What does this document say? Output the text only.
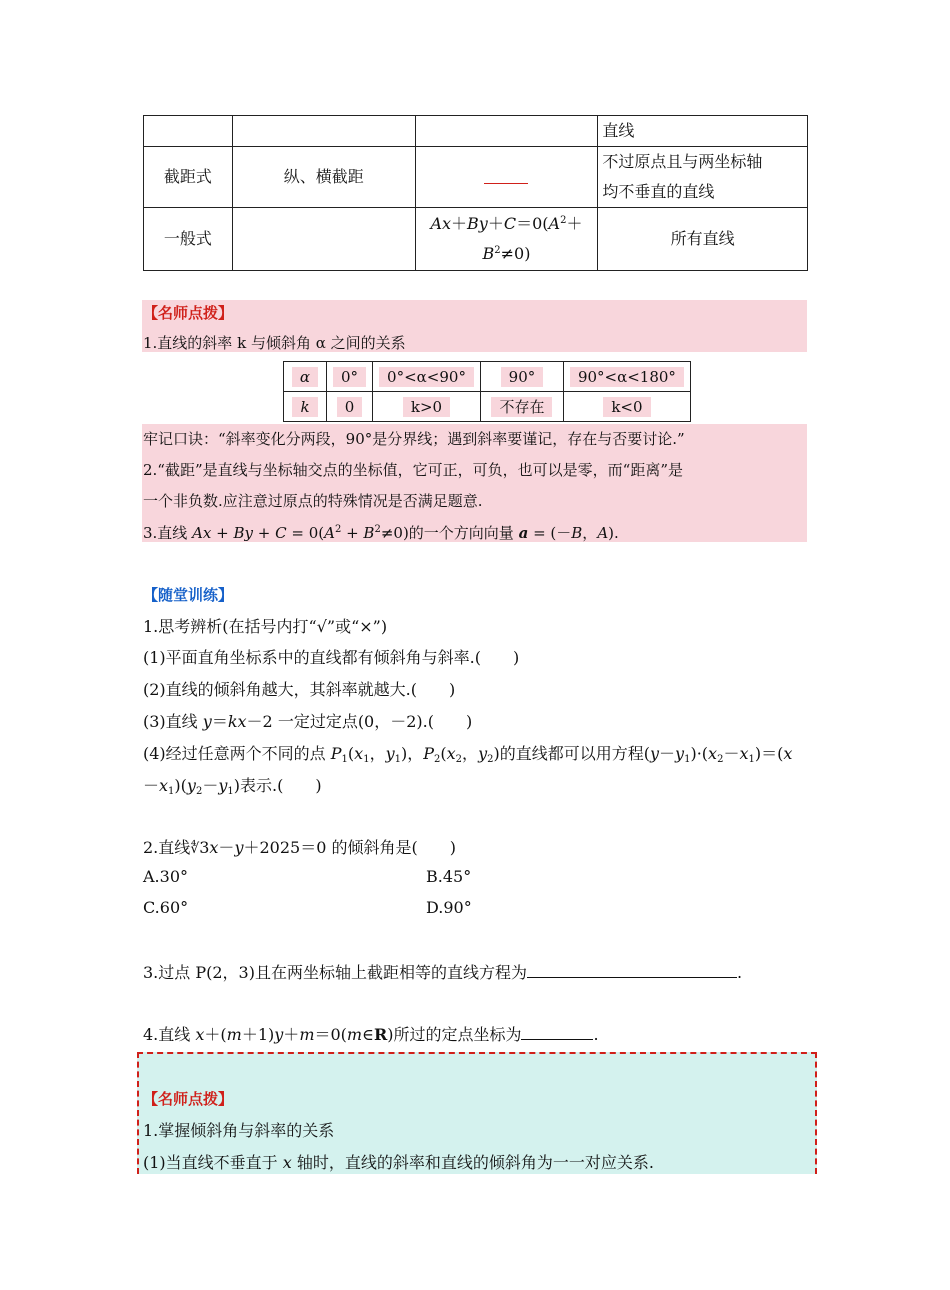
			直线
截距式	纵、横截距		不过原点且与两坐标轴
均不垂直的直线

一般式		$Ax+By+C=0(A^2+$
$B^2\ne 0$)	所有直线
【名师点拨】
1.直线的斜率 k 与倾斜角 α 之间的关系
α	0°	0°<α<90°	90°	90°<α<180°
k	0	k>0	不存在	k<0
牢记口诀：“斜率变化分两段，90°是分界线；遇到斜率要谨记，存在与否要讨论.”
2.“截距”是直线与坐标轴交点的坐标值，它可正，可负，也可以是零，而“距离”是
一个非负数.应注意过原点的特殊情况是否满足题意.
3.直线 $Ax + By + C = 0(A^2 + B^2\ne 0)$的一个方向向量 a = (－B，A).
【随堂训练】
1.思考辨析(在括号内打“√”或“×”)
(1)平面直角坐标系中的直线都有倾斜角与斜率.(　　)
(2)直线的倾斜角越大，其斜率就越大.(　　)
(3)直线 y＝kx－2 一定过定点(0，－2).(　　)
(4)经过任意两个不同的点 $P_1(x_1$，$y_1$)，$P_2(x_2$，$y_2$)的直线都可以用方程$(y-y_1)\cdot(x_2-x_1)=(x$
$-x_1)(y_2-y_1)$表示.(　　)
2.直线∜3x－y＋2025＝0 的倾斜角是(　　)
A.30°	B.45°
C.60°	D.90°
3.过点 P(2，3)且在两坐标轴上截距相等的直线方程为	.
4.直线 x＋(m＋1)y＋m＝0(m∈R)所过的定点坐标为	.
【名师点拨】
1.掌握倾斜角与斜率的关系
(1)当直线不垂直于 x 轴时，直线的斜率和直线的倾斜角为一一对应关系.
